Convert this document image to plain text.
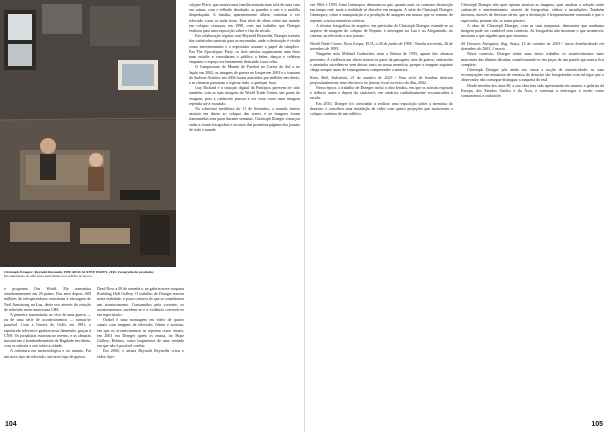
Christoph Draeger | Reynold Reynolds, THE APOCALYPSE PARTY, 2010. Fotografia de produção; Documentação de uma festa-performance no estúdio de Kyoto.

o programa Our World. Ele transmitia simultaneamente em 26 países. Dos anos depois, 600 milhões de telespectadores assistiram à aterragem de Neil Armstrong na Lua, desta vez através da estação de televisão norte-americana CBS.

A primeira transmissão ao vivo de uma guerra — ou de uma série de acontecimentos — tornou-se possível. Com a Guerra do Golfo em 1991, o espetáculo televisivo ganhou nova dimensão, graças à CNN. Os jornalistas estavam no terreno, e as câmaras mostravam o bombardeamento de Bagdade em direto, com os mísseis a cair sobre a cidade.

A cobertura era meteorológica e ao minuto. Foi um novo tipo de televisão, um novo tipo de guerra.

Dead Now a 20 de setembro, na galeria nova-iorquina Roebling Hall Gallery. O trabalho de Draeger nasceu nesta realidade, e pouco restava do que se considerava um acontecimento. Consumidos pela corrente, os acontecimentos sucedem-se e a violência converte-se em espectáculo.

Orakel é uma montagem em vídeo de quatro canais com imagens de televisão, filmes e notícias, em que os acontecimentos se repetem como rituais, em 2001 era Draeger quem os reunia, no Hope Gallery, Bolinas, como fragmentos de uma verdade em que não é possível confiar.

Em 2000, o artista Reynold Reynolds criou o vídeo Apo-

calypse Place, que mostra uma família sentada num sofá de uma casa em ruínas, com o telhado desabado, as paredes a ruir e a mobília despedaçada. A família, aparentemente alheia, continua a ver televisão como se nada fosse. Esta série de obras sobre um mundo em colapso começou em 1998, com um trabalho que Draeger realizou para uma exposição sobre o fim do século.

Em colaboração regular com Reynold Reynolds, Draeger transita das catástrofes naturais para as encenadas, onde a destruição é vivida como entretenimento e o espectador assume o papel de cúmplice. Em The Apocalypse Party, os dois artistas organizaram uma festa num estúdio e convidaram o público a beber, dançar e celebrar enquanto o espaço era lentamente destruído à sua volta.

O Campeonato do Mundo de Futebol na Coreia do Sul e no Japão em 2002, as imagens de guerra no Iraque em 2003 e o tsunami do Sudeste Asiático em 2004 foram assistidos por milhões em direto, e as câmaras passaram a registar tudo, a qualquer hora.

Guy Richard e a situação digital da Pintópics parecem ter sido também, com as suas imagens do World Trade Center, um ponto de viragem, pois a catástrofe passou a ser vista como uma imagem repetida até à exaustão.

Na cobertura mediática do 11 de Setembro, o mundo inteiro assistiu em direto ao colapso das torres, e as imagens foram transmitidas sem parar durante semanas. Christoph Draeger começou então a reunir fotografias e recortes das primeiras páginas dos jornais de todo o mundo.

104

em 1962 e 1993, Irina Grinnopov demonstrou que, quanto mais se consome destruição em tempo real, mais a realidade se dissolve em imagem. A série de Christoph Draeger, Grinnopov, cobre a manipulação e a produção de imagens em massa, que se tornam, de repente, a nossa memória coletiva.

A técnica fotográfica do arquivo, em particular de Christoph Draeger, estende-se ao arquivo de imagens do colapso de Pequim, à aterragem na Lua e ao Afeganistão, no cinema, na televisão e nos jornais.

World Trade Center, Nova Iorque, EUA, a 26 de junho de 1994 / Simula terrorista, 26 de setembro de 1993.

Ninguém nota Mikhail Gorbachev, nem a Rússia de 1993, apesar das câmaras presentes. A violência em direto tornou-se parte da paisagem; atos de guerra, catástrofes e atentados sucedem-se sem deixar rasto na nossa memória, porque a imagem seguinte chega sempre antes de conseguirmos compreender a anterior.

Kuta, Bali, Indonésia, 21 de outubro de 2023 / Uma série de bombas destruiu propositadamente uma discoteca no famoso local turístico da ilha, 2002.

Nessa época, o trabalho de Draeger inclui a obra Irmãos, em que os artistas registam o silêncio antes e depois da catástrofe, em cenários cuidadosamente reconstruídos à escala.

Em 2010, Draeger foi convidado a realizar uma exposição sobre a memória do desastre, e concebeu uma instalação de vídeo com quatro projeções que mostravam o colapso contínuo de um edifício.

Christoph Draeger não quer apenas mostrar as imagens, quer analisar a relação entre catástrofe e entretenimento, através de fotografias, vídeos e instalações. Também mostrou, através de diversas séries, que a destruição é frequentemente encenada e que o espectador, perante ela, se torna passivo.

A obra de Christoph Draeger, com as suas maquetas, demonstra que nenhuma imagem pode ser confiável sem contexto. As fotografias não mostram o que aconteceu; mostram o que alguém quis que víssemos.

SS Oceanos Navigator, Zug, Suíça, 15 de outubro de 2003 / navio bombardeado em dezembro de 2003, 1 morto.

Nesse contexto, Draeger reúne num único trabalho os acontecimentos mais marcantes das últimas décadas, transformando-os em peças de um puzzle que nunca fica completo.

Christoph Draeger pôs ainda em causa a noção de autenticidade: as suas reconstruções em miniatura de cenários de desastre são fotografadas com tal rigor que o observador não consegue distinguir a maqueta do real.

Desde meados dos anos 90, a sua obra tem sido apresentada em museus e galerias da Europa, dos Estados Unidos e da Ásia, e continua a interrogar o modo como consumimos a catástrofe.

105
